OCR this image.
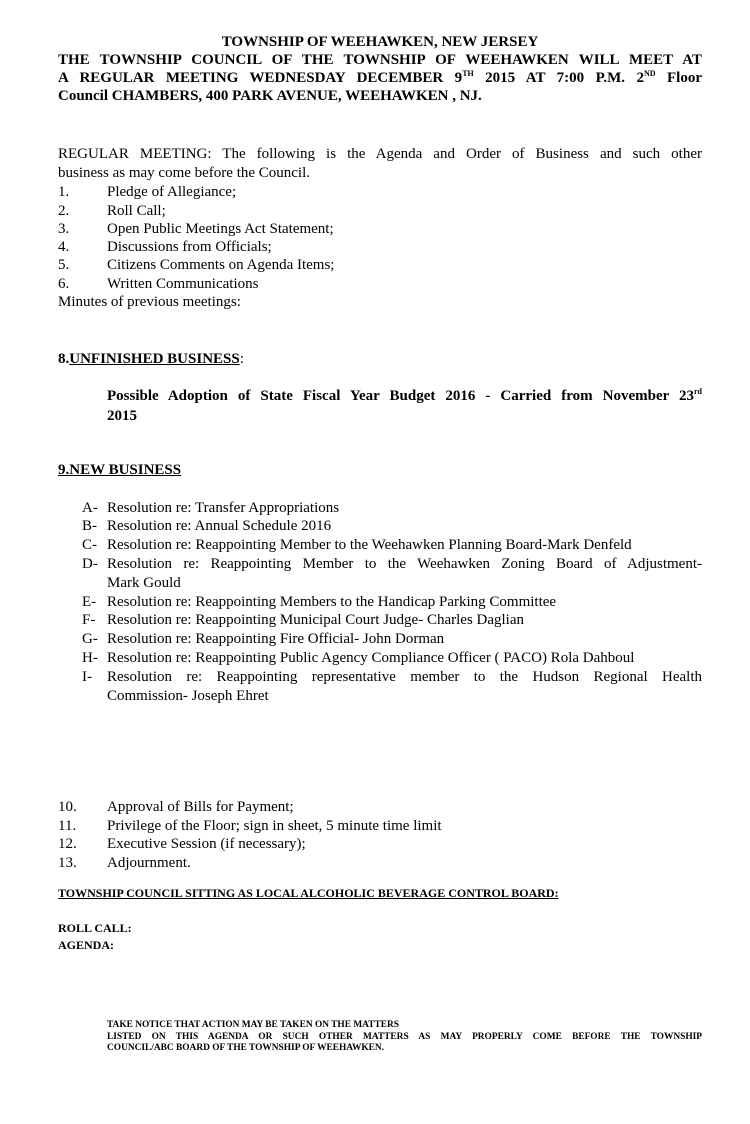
TOWNSHIP OF WEEHAWKEN, NEW JERSEY
THE TOWNSHIP COUNCIL OF THE TOWNSHIP OF WEEHAWKEN WILL MEET AT
A REGULAR MEETING WEDNESDAY DECEMBER 9TH 2015 AT 7:00 P.M. 2ND Floor
Council CHAMBERS, 400 PARK AVENUE, WEEHAWKEN , NJ.
REGULAR MEETING: The following is the Agenda and Order of Business and such other
business as may come before the Council.
1.	Pledge of Allegiance;
2.	Roll Call;
3.	Open Public Meetings Act Statement;
4.	Discussions from Officials;
5.	Citizens Comments on Agenda Items;
6.	Written Communications
Minutes of previous meetings:
8.UNFINISHED BUSINESS:
Possible Adoption of State Fiscal Year Budget 2016 - Carried from November 23rd
2015
9.NEW BUSINESS
A- Resolution re: Transfer Appropriations
B- Resolution re: Annual Schedule 2016
C- Resolution re: Reappointing Member to the Weehawken Planning Board-Mark Denfeld
D- Resolution re: Reappointing Member to the Weehawken Zoning Board of Adjustment-
Mark Gould
E- Resolution re: Reappointing Members to the Handicap Parking Committee
F- Resolution re: Reappointing Municipal Court Judge- Charles Daglian
G- Resolution re: Reappointing Fire Official- John Dorman
H- Resolution re: Reappointing Public Agency Compliance Officer ( PACO) Rola Dahboul
I- Resolution re: Reappointing representative member to the Hudson Regional Health
Commission- Joseph Ehret
10. Approval of Bills for Payment;
11. Privilege of the Floor; sign in sheet, 5 minute time limit
12. Executive Session (if necessary);
13. Adjournment.
TOWNSHIP COUNCIL SITTING AS LOCAL ALCOHOLIC BEVERAGE CONTROL BOARD:
ROLL CALL:
AGENDA:
TAKE NOTICE THAT ACTION MAY BE TAKEN ON THE MATTERS
LISTED ON THIS AGENDA OR SUCH OTHER MATTERS AS MAY PROPERLY COME BEFORE THE TOWNSHIP
COUNCIL/ABC BOARD OF THE TOWNSHIP OF WEEHAWKEN.
